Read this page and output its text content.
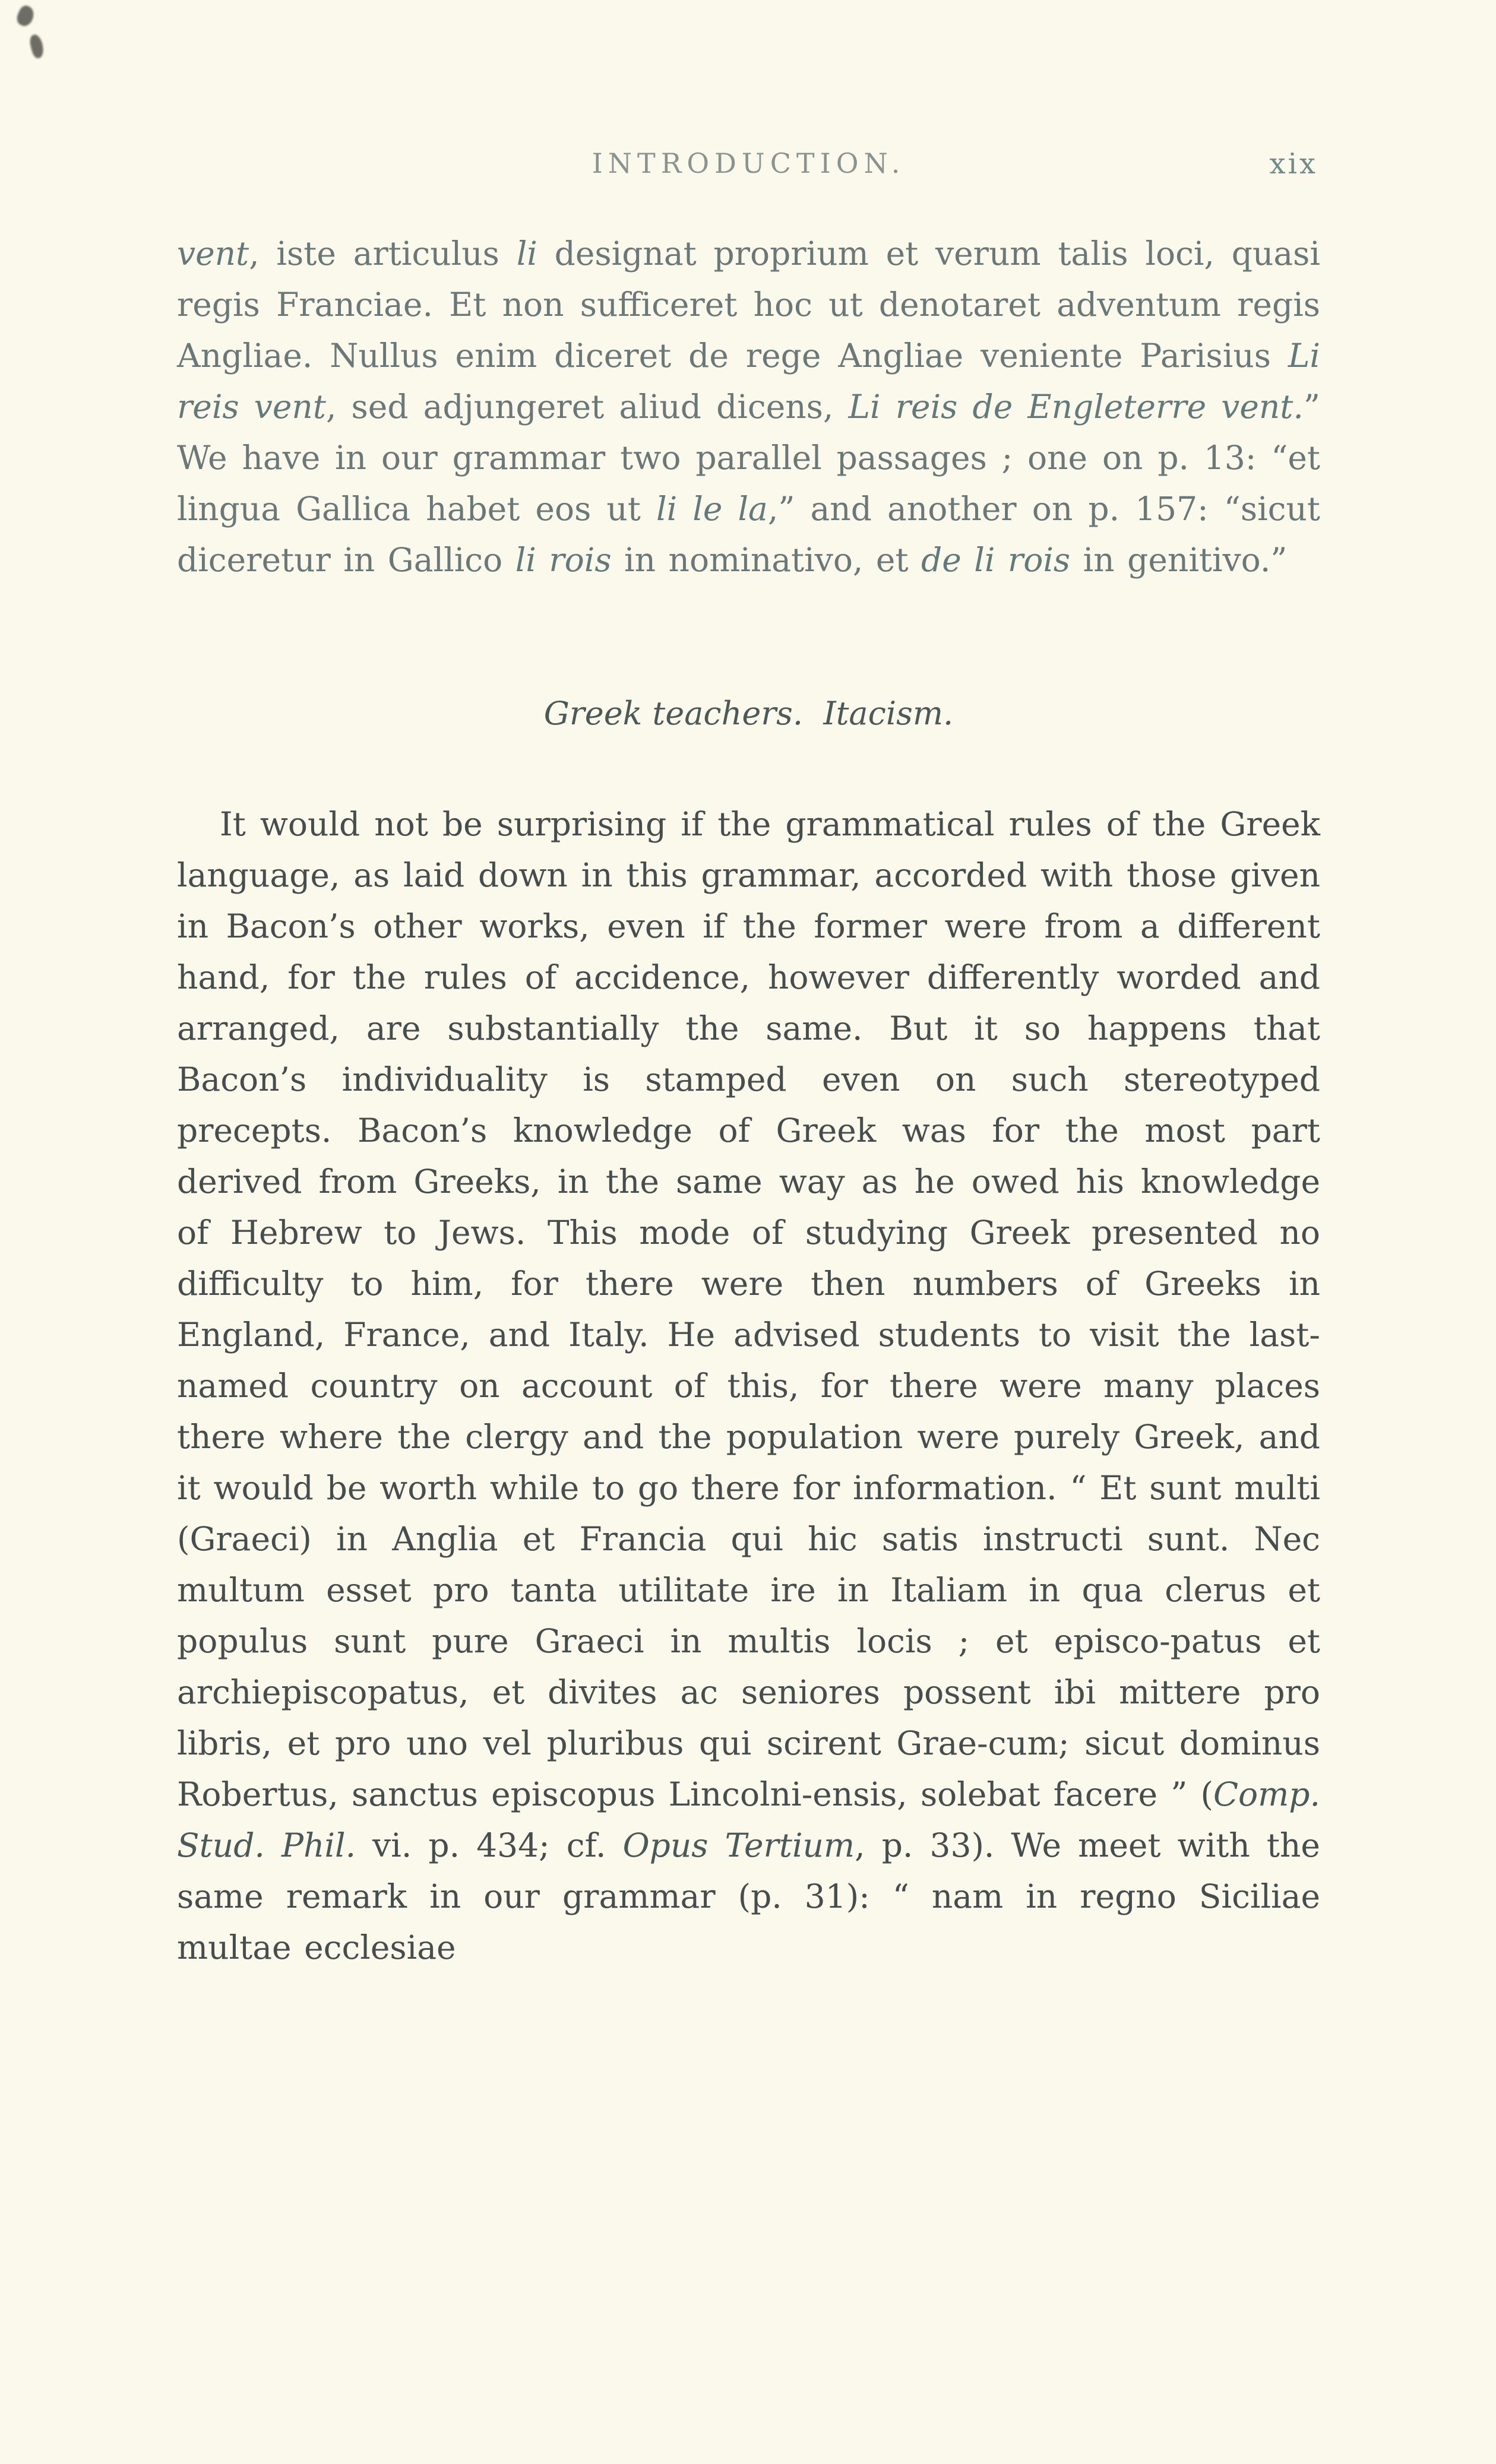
INTRODUCTION.	xix

vent, iste articulus li designat proprium et verum talis loci, quasi regis Franciae. Et non sufficeret hoc ut denotaret adventum regis Angliae. Nullus enim diceret de rege Angliae veniente Parisius Li reis vent, sed adjungeret aliud dicens, Li reis de Engleterre vent.” We have in our grammar two parallel passages ; one on p. 13: “et lingua Gallica habet eos ut li le la,” and another on p. 157: “sicut diceretur in Gallico li rois in nominativo, et de li rois in genitivo.”

Greek teachers.  Itacism.

It would not be surprising if the grammatical rules of the Greek language, as laid down in this grammar, accorded with those given in Bacon’s other works, even if the former were from a different hand, for the rules of accidence, however differently worded and arranged, are substantially the same. But it so happens that Bacon’s individuality is stamped even on such stereotyped precepts. Bacon’s knowledge of Greek was for the most part derived from Greeks, in the same way as he owed his knowledge of Hebrew to Jews. This mode of studying Greek presented no difficulty to him, for there were then numbers of Greeks in England, France, and Italy. He advised students to visit the last-named country on account of this, for there were many places there where the clergy and the population were purely Greek, and it would be worth while to go there for information. “ Et sunt multi (Graeci) in Anglia et Francia qui hic satis instructi sunt. Nec multum esset pro tanta utilitate ire in Italiam in qua clerus et populus sunt pure Graeci in multis locis ; et episco-patus et archiepiscopatus, et divites ac seniores possent ibi mittere pro libris, et pro uno vel pluribus qui scirent Grae-cum; sicut dominus Robertus, sanctus episcopus Lincolni-ensis, solebat facere ” (Comp. Stud. Phil. vi. p. 434; cf. Opus Tertium, p. 33). We meet with the same remark in our grammar (p. 31): “ nam in regno Siciliae multae ecclesiae
